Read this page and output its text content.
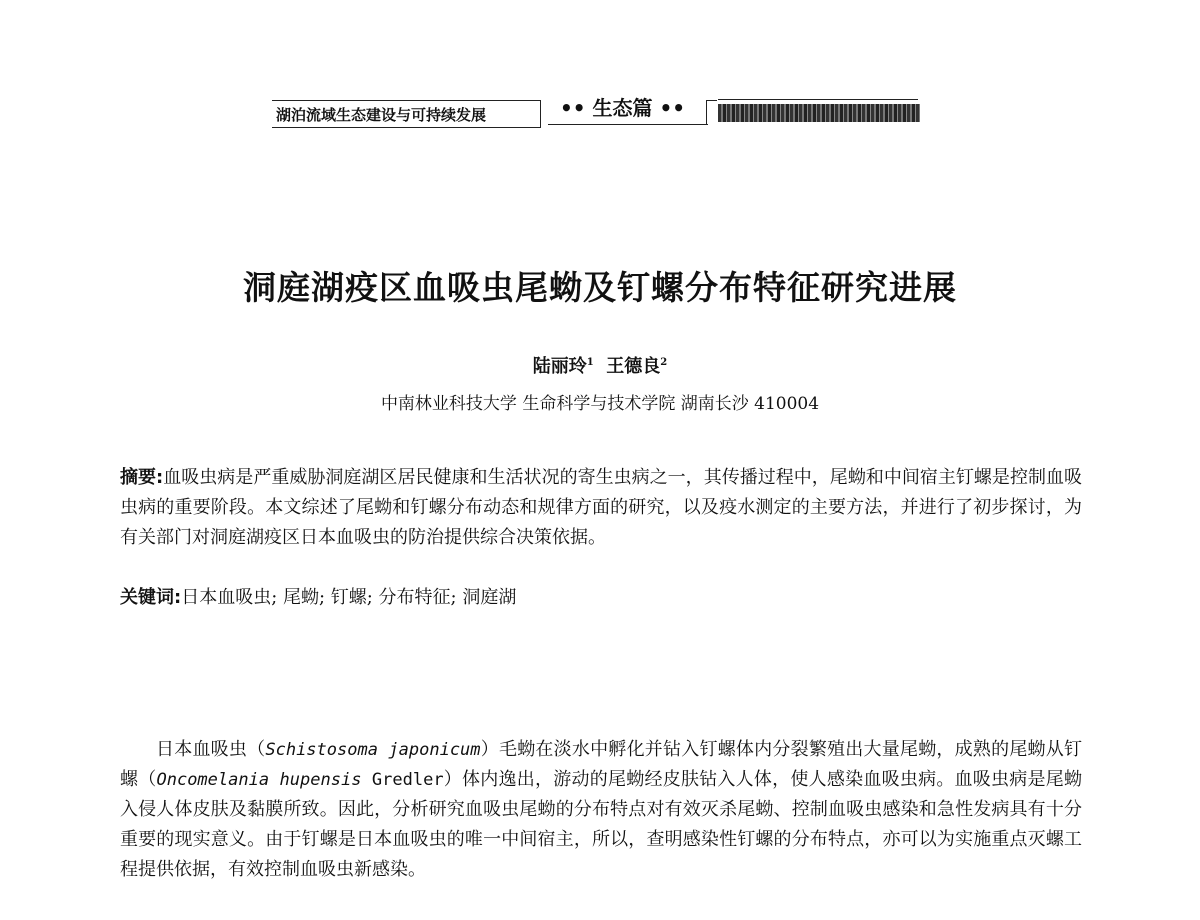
湖泊流域生态建设与可持续发展	•• 生态篇 ••
洞庭湖疫区血吸虫尾蚴及钉螺分布特征研究进展
陆丽玲$^1$ 王德良$^2$
中南林业科技大学 生命科学与技术学院 湖南长沙 410004
摘要:血吸虫病是严重威胁洞庭湖区居民健康和生活状况的寄生虫病之一，其传播过程中，尾蚴和中间宿主钉螺是控制血吸虫病的重要阶段。本文综述了尾蚴和钉螺分布动态和规律方面的研究，以及疫水测定的主要方法，并进行了初步探讨，为有关部门对洞庭湖疫区日本血吸虫的防治提供综合决策依据。
关键词:日本血吸虫; 尾蚴; 钉螺; 分布特征; 洞庭湖
日本血吸虫（Schistosoma japonicum）毛蚴在淡水中孵化并钻入钉螺体内分裂繁殖出大量尾蚴，成熟的尾蚴从钉螺（Oncomelania hupensis Gredler）体内逸出，游动的尾蚴经皮肤钻入人体，使人感染血吸虫病。血吸虫病是尾蚴入侵人体皮肤及黏膜所致。因此，分析研究血吸虫尾蚴的分布特点对有效灭杀尾蚴、控制血吸虫感染和急性发病具有十分重要的现实意义。由于钉螺是日本血吸虫的唯一中间宿主，所以，查明感染性钉螺的分布特点，亦可以为实施重点灭螺工程提供依据，有效控制血吸虫新感染。
